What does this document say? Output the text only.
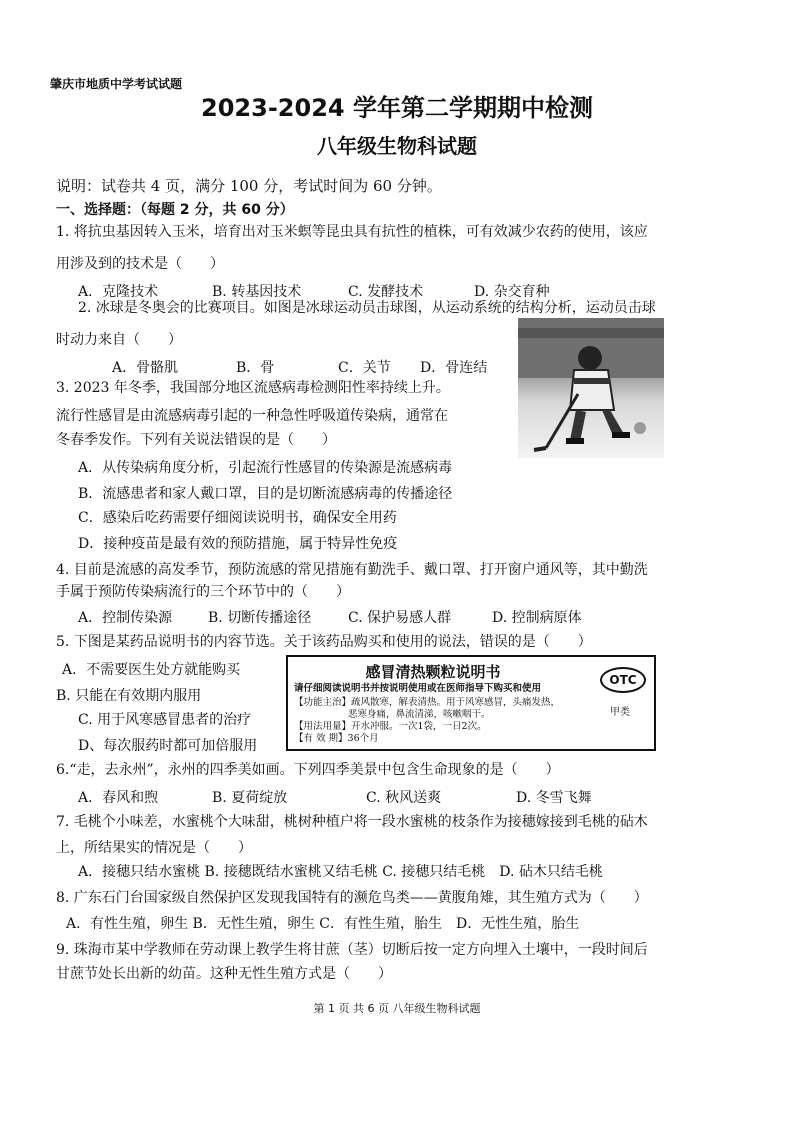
肇庆市地质中学考试试题
2023-2024 学年第二学期期中检测
八年级生物科试题
说明：试卷共 4 页，满分 100 分，考试时间为 60 分钟。
一、选择题：（每题 2 分，共 60 分）
1. 将抗虫基因转入玉米，培育出对玉米螟等昆虫具有抗性的植株，可有效减少农药的使用，该应
用涉及到的技术是（　　）
A．克隆技术	B. 转基因技术	C. 发酵技术	D. 杂交育种
2. 冰球是冬奥会的比赛项目。如图是冰球运动员击球图，从运动系统的结构分析，运动员击球
时动力来自（　　）
A．骨骼肌	B．骨	C．关节 D．骨连结
3. 2023 年冬季，我国部分地区流感病毒检测阳性率持续上升。
流行性感冒是由流感病毒引起的一种急性呼吸道传染病，通常在
冬春季发作。下列有关说法错误的是（　　）
A．从传染病角度分析，引起流行性感冒的传染源是流感病毒
B．流感患者和家人戴口罩，目的是切断流感病毒的传播途径
C．感染后吃药需要仔细阅读说明书，确保安全用药
D．接种疫苗是最有效的预防措施，属于特异性免疫
4. 目前是流感的高发季节，预防流感的常见措施有勤洗手、戴口罩、打开窗户通风等，其中勤洗
手属于预防传染病流行的三个环节中的（　　）
A．控制传染源	B. 切断传播途径	C. 保护易感人群	D. 控制病原体
5. 下图是某药品说明书的内容节选。关于该药品购买和使用的说法，错误的是（　　）
A．不需要医生处方就能购买
B. 只能在有效期内服用
C. 用于风寒感冒患者的治疗
D、每次服药时都可加倍服用
感冒清热颗粒说明书
请仔细阅读说明书并按说明使用或在医师指导下购买和使用
【功能主治】疏风散寒，解表清热。用于风寒感冒，头痛发热，
恶寒身痛，鼻流清涕，咳嗽咽干。
【用法用量】开水冲服。一次1袋，一日2次。
【有 效 期】36个月
OTC
甲类
6.“走，去永州”，永州的四季美如画。下列四季美景中包含生命现象的是（　　）
A．春风和煦	B. 夏荷绽放	C. 秋风送爽	D. 冬雪飞舞
7. 毛桃个小味差，水蜜桃个大味甜，桃树种植户将一段水蜜桃的枝条作为接穗嫁接到毛桃的砧木
上，所结果实的情况是（　　）
A．接穗只结水蜜桃 B. 接穗既结水蜜桃又结毛桃 C. 接穗只结毛桃　D. 砧木只结毛桃
8. 广东石门台国家级自然保护区发现我国特有的濒危鸟类——黄腹角雉，其生殖方式为（　　）
A．有性生殖，卵生 B．无性生殖，卵生 C．有性生殖，胎生　D．无性生殖，胎生
9. 珠海市某中学教师在劳动课上教学生将甘蔗（茎）切断后按一定方向埋入土壤中，一段时间后
甘蔗节处长出新的幼苗。这种无性生殖方式是（　　）
第 1 页 共 6 页 八年级生物科试题
